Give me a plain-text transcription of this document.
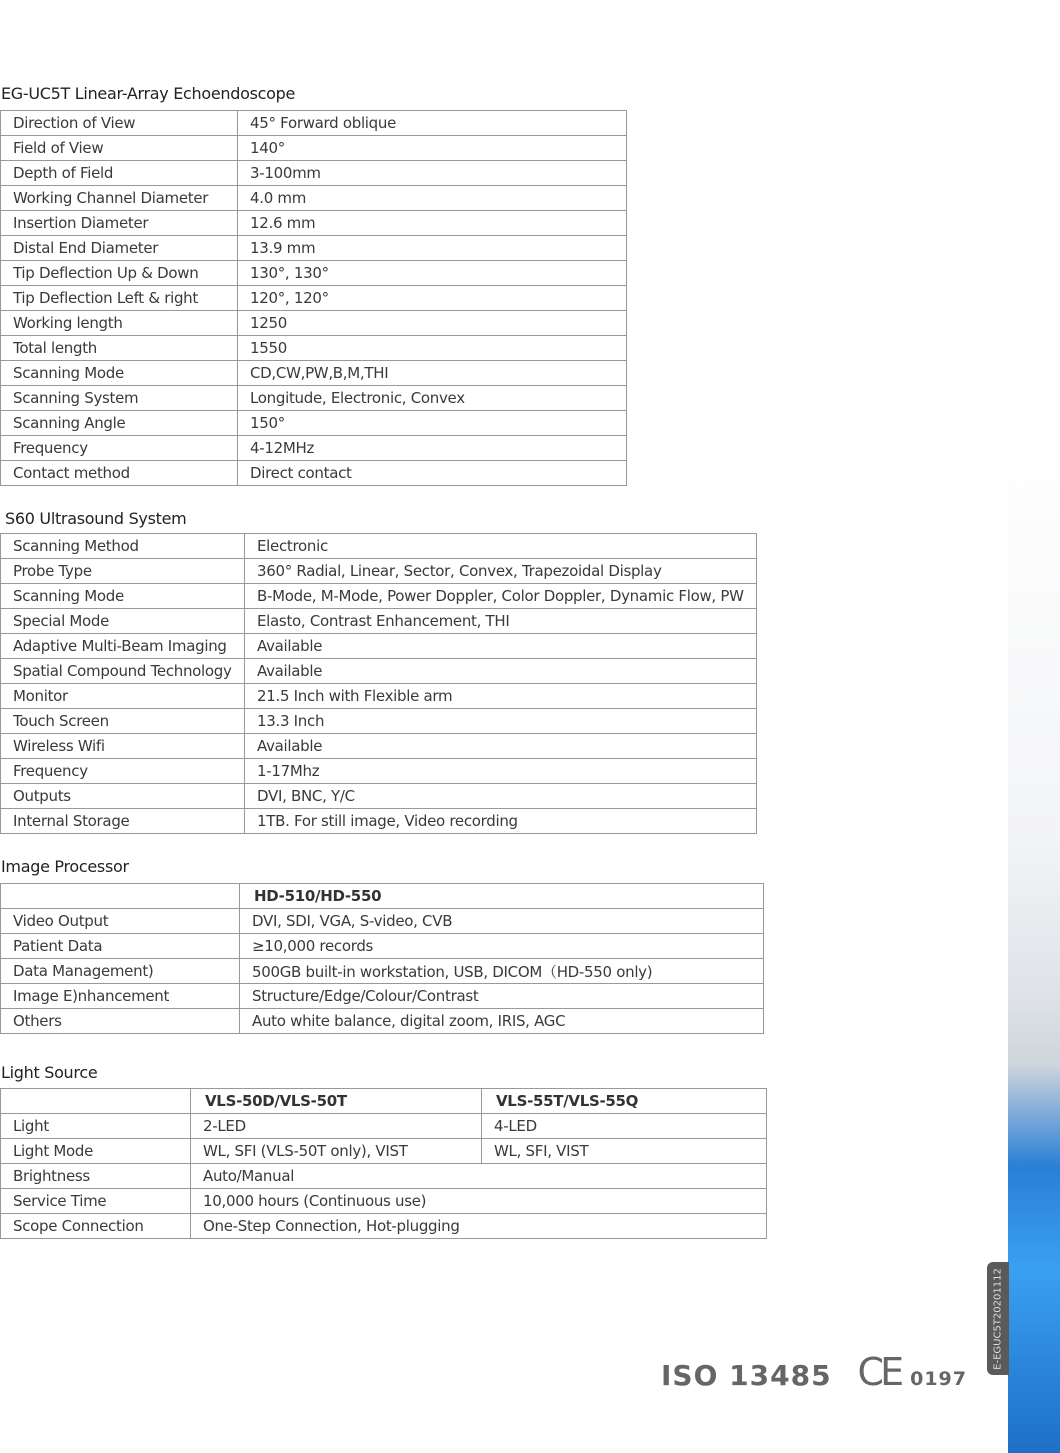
EG-UC5T Linear-Array Echoendoscope
Direction of View	45° Forward oblique
Field of View	140°
Depth of Field	3-100mm
Working Channel Diameter	4.0 mm
Insertion Diameter	12.6 mm
Distal End Diameter	13.9 mm
Tip Deflection Up & Down	130°, 130°
Tip Deflection Left & right	120°, 120°
Working length	1250
Total length	1550
Scanning Mode	CD,CW,PW,B,M,THI
Scanning System	Longitude, Electronic, Convex
Scanning Angle	150°
Frequency	4-12MHz
Contact method	Direct contact
S60 Ultrasound System
Scanning Method	Electronic
Probe Type	360° Radial, Linear, Sector, Convex, Trapezoidal Display
Scanning Mode	B-Mode, M-Mode, Power Doppler, Color Doppler, Dynamic Flow, PW
Special Mode	Elasto, Contrast Enhancement, THI
Adaptive Multi-Beam Imaging	Available
Spatial Compound Technology	Available
Monitor	21.5 Inch with Flexible arm
Touch Screen	13.3 Inch
Wireless Wifi	Available
Frequency	1-17Mhz
Outputs	DVI, BNC, Y/C
Internal Storage	1TB. For still image, Video recording
Image Processor
	HD-510/HD-550
Video Output	DVI, SDI, VGA, S-video, CVB
Patient Data	≥10,000 records
Data Management)	500GB built-in workstation, USB, DICOM（HD-550 only)
Image E)nhancement	Structure/Edge/Colour/Contrast
Others	Auto white balance, digital zoom, IRIS, AGC
Light Source
	VLS-50D/VLS-50T	VLS-55T/VLS-55Q
Light	2-LED	4-LED
Light Mode	WL, SFI (VLS-50T only), VIST	WL, SFI, VIST
Brightness	Auto/Manual	
Service Time	10,000 hours (Continuous use)	
Scope Connection	One-Step Connection, Hot-plugging	
E-EGUC5T20201112
ISO 13485 CE 0197
